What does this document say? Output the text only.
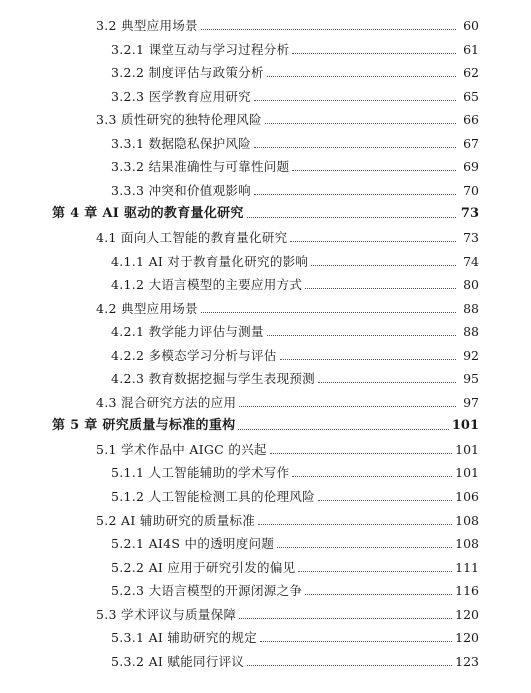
3.2 典型应用场景	60
3.2.1 课堂互动与学习过程分析	61
3.2.2 制度评估与政策分析	62
3.2.3 医学教育应用研究	65
3.3 质性研究的独特伦理风险	66
3.3.1 数据隐私保护风险	67
3.3.2 结果准确性与可靠性问题	69
3.3.3 冲突和价值观影响	70
第 4 章 AI 驱动的教育量化研究	73
4.1 面向人工智能的教育量化研究	73
4.1.1 AI 对于教育量化研究的影响	74
4.1.2 大语言模型的主要应用方式	80
4.2 典型应用场景	88
4.2.1 教学能力评估与测量	88
4.2.2 多模态学习分析与评估	92
4.2.3 教育数据挖掘与学生表现预测	95
4.3 混合研究方法的应用	97
第 5 章 研究质量与标准的重构	101
5.1 学术作品中 AIGC 的兴起	101
5.1.1 人工智能辅助的学术写作	101
5.1.2 人工智能检测工具的伦理风险	106
5.2 AI 辅助研究的质量标准	108
5.2.1 AI4S 中的透明度问题	108
5.2.2 AI 应用于研究引发的偏见	111
5.2.3 大语言模型的开源闭源之争	116
5.3 学术评议与质量保障	120
5.3.1 AI 辅助研究的规定	120
5.3.2 AI 赋能同行评议	123
